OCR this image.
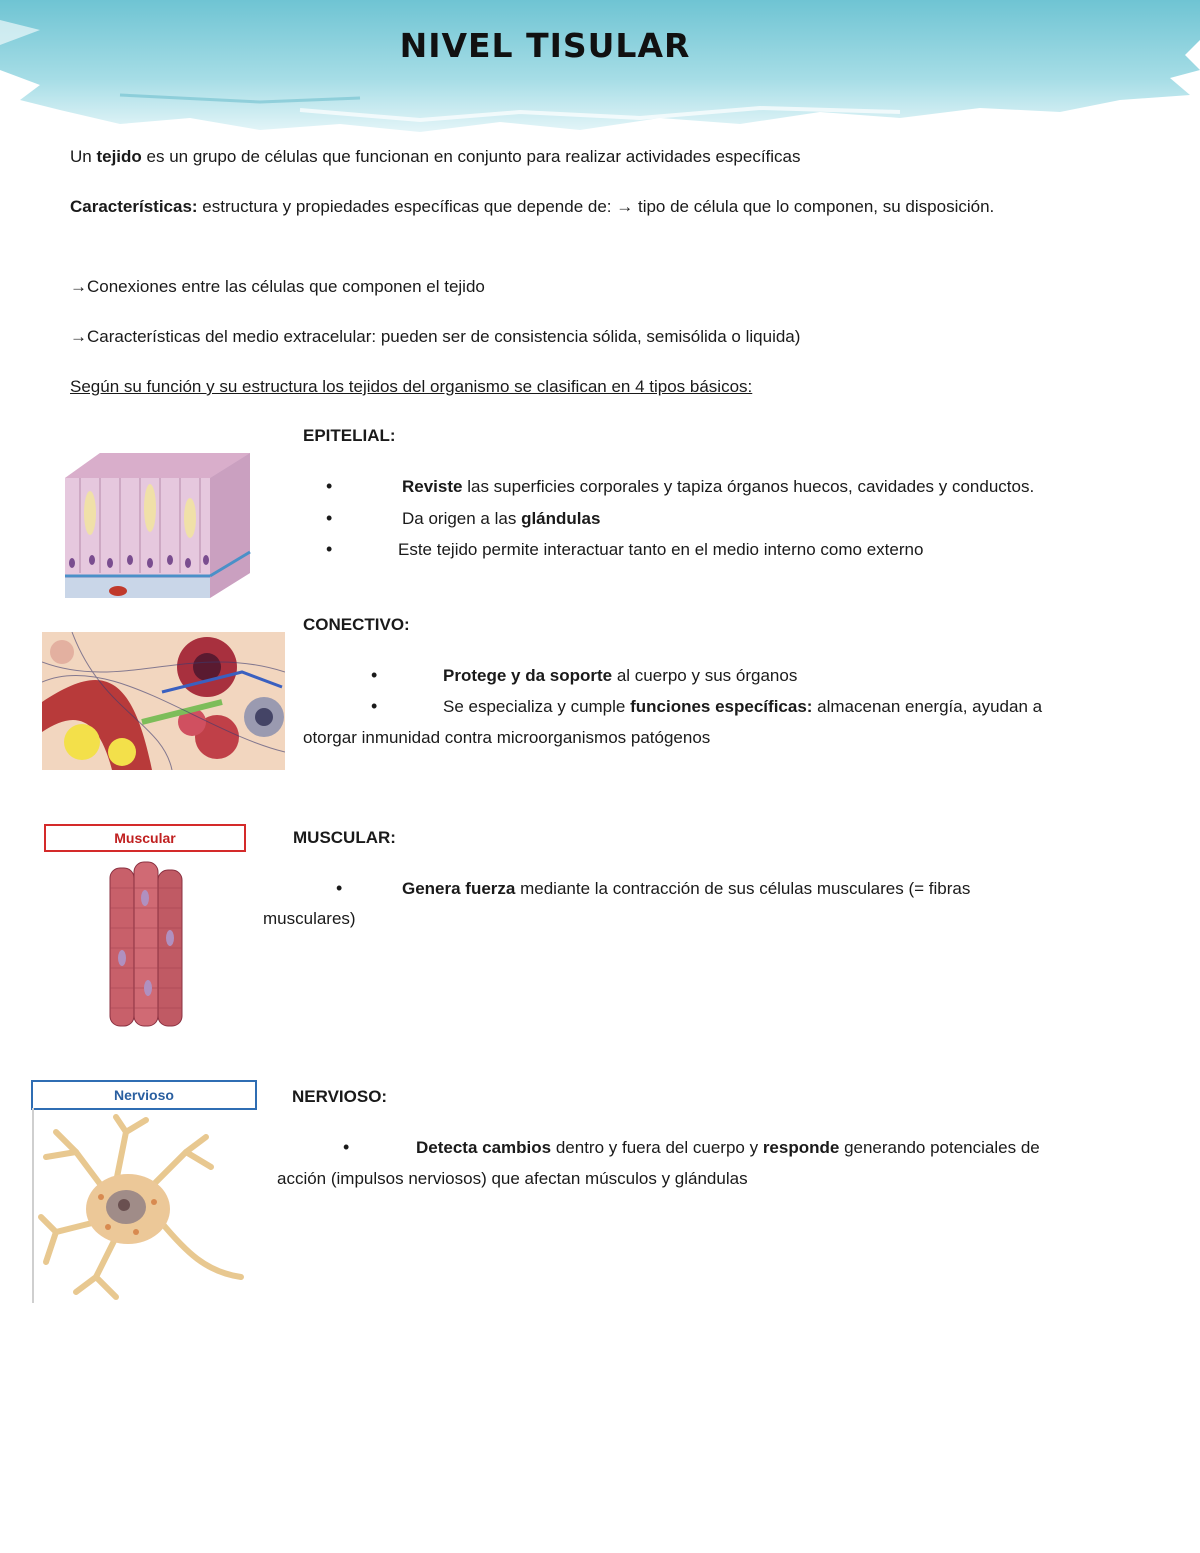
NIVEL TISULAR

Un tejido es un grupo de células que funcionan en conjunto para realizar actividades específicas

Características: estructura y propiedades específicas que depende de: → tipo de célula que lo componen, su disposición.

→Conexiones entre las células que componen el tejido

→Características del medio extracelular: pueden ser de consistencia sólida, semisólida o liquida)

Según su función y su estructura los tejidos del organismo se clasifican en 4 tipos básicos:

EPITELIAL:
•	Reviste las superficies corporales y tapiza órganos huecos, cavidades y conductos.
•	Da origen a las glándulas
•	Este tejido permite interactuar tanto en el medio interno como externo
CONECTIVO:
•	Protege y da soporte al cuerpo y sus órganos
•	Se especializa y cumple funciones específicas: almacenan energía, ayudan a
otorgar inmunidad contra microorganismos patógenos
Muscular	MUSCULAR:
•	Genera fuerza mediante la contracción de sus células musculares (= fibras
musculares)
Nervioso	NERVIOSO:
•	Detecta cambios dentro y fuera del cuerpo y responde generando potenciales de
acción (impulsos nerviosos) que afectan músculos y glándulas
